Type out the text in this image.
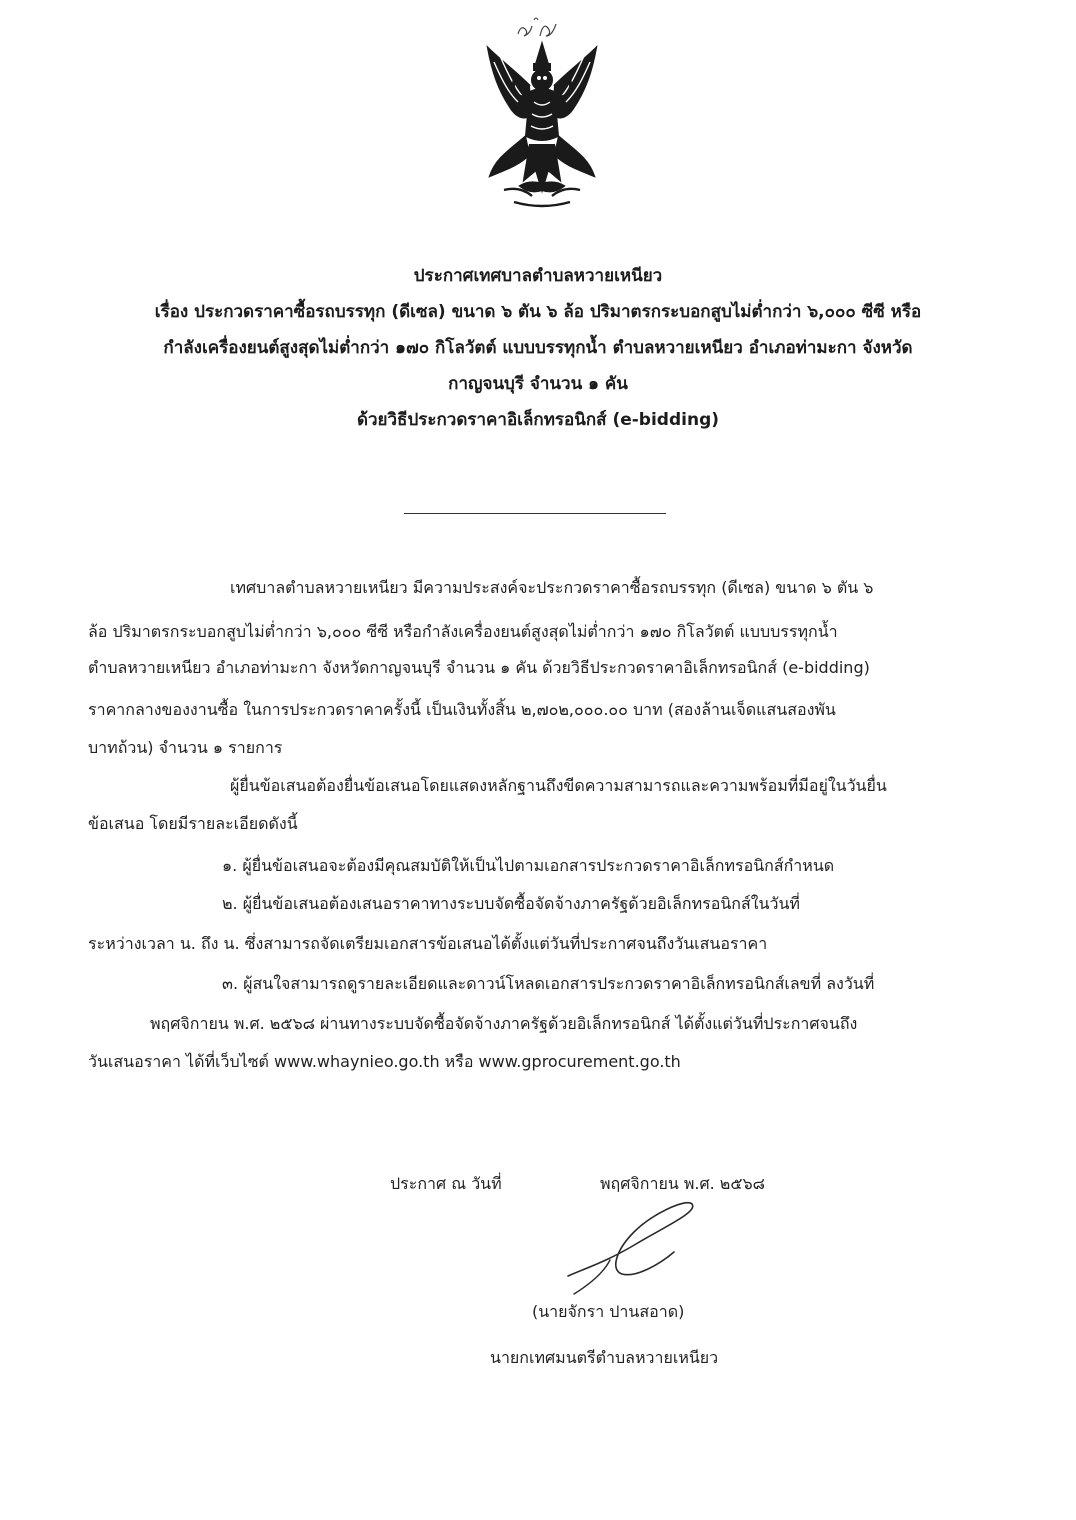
ประกาศเทศบาลตำบลหวายเหนียว
เรื่อง ประกวดราคาซื้อรถบรรทุก (ดีเซล) ขนาด ๖ ตัน ๖ ล้อ ปริมาตรกระบอกสูบไม่ต่ำกว่า ๖,๐๐๐ ซีซี หรือ
กำลังเครื่องยนต์สูงสุดไม่ต่ำกว่า ๑๗๐ กิโลวัตต์ แบบบรรทุกน้ำ ตำบลหวายเหนียว อำเภอท่ามะกา จังหวัด
กาญจนบุรี จำนวน ๑ คัน
ด้วยวิธีประกวดราคาอิเล็กทรอนิกส์ (e-bidding)
เทศบาลตำบลหวายเหนียว มีความประสงค์จะประกวดราคาซื้อรถบรรทุก (ดีเซล) ขนาด ๖ ตัน ๖
ล้อ ปริมาตรกระบอกสูบไม่ต่ำกว่า ๖,๐๐๐ ซีซี หรือกำลังเครื่องยนต์สูงสุดไม่ต่ำกว่า ๑๗๐ กิโลวัตต์ แบบบรรทุกน้ำ
ตำบลหวายเหนียว อำเภอท่ามะกา จังหวัดกาญจนบุรี จำนวน ๑ คัน ด้วยวิธีประกวดราคาอิเล็กทรอนิกส์ (e-bidding)
ราคากลางของงานซื้อ ในการประกวดราคาครั้งนี้ เป็นเงินทั้งสิ้น ๒,๗๐๒,๐๐๐.๐๐ บาท (สองล้านเจ็ดแสนสองพัน
บาทถ้วน) จำนวน ๑ รายการ
ผู้ยื่นข้อเสนอต้องยื่นข้อเสนอโดยแสดงหลักฐานถึงขีดความสามารถและความพร้อมที่มีอยู่ในวันยื่น
ข้อเสนอ โดยมีรายละเอียดดังนี้
๑. ผู้ยื่นข้อเสนอจะต้องมีคุณสมบัติให้เป็นไปตามเอกสารประกวดราคาอิเล็กทรอนิกส์กำหนด
๒. ผู้ยื่นข้อเสนอต้องเสนอราคาทางระบบจัดซื้อจัดจ้างภาครัฐด้วยอิเล็กทรอนิกส์ในวันที่
ระหว่างเวลา น. ถึง น. ซึ่งสามารถจัดเตรียมเอกสารข้อเสนอได้ตั้งแต่วันที่ประกาศจนถึงวันเสนอราคา
๓. ผู้สนใจสามารถดูรายละเอียดและดาวน์โหลดเอกสารประกวดราคาอิเล็กทรอนิกส์เลขที่ ลงวันที่
พฤศจิกายน พ.ศ. ๒๕๖๘ ผ่านทางระบบจัดซื้อจัดจ้างภาครัฐด้วยอิเล็กทรอนิกส์ ได้ตั้งแต่วันที่ประกาศจนถึง
วันเสนอราคา ได้ที่เว็บไซต์ www.whaynieo.go.th หรือ www.gprocurement.go.th
ประกาศ ณ วันที่	พฤศจิกายน พ.ศ. ๒๕๖๘
(นายจักรา ปานสอาด)
นายกเทศมนตรีตำบลหวายเหนียว
